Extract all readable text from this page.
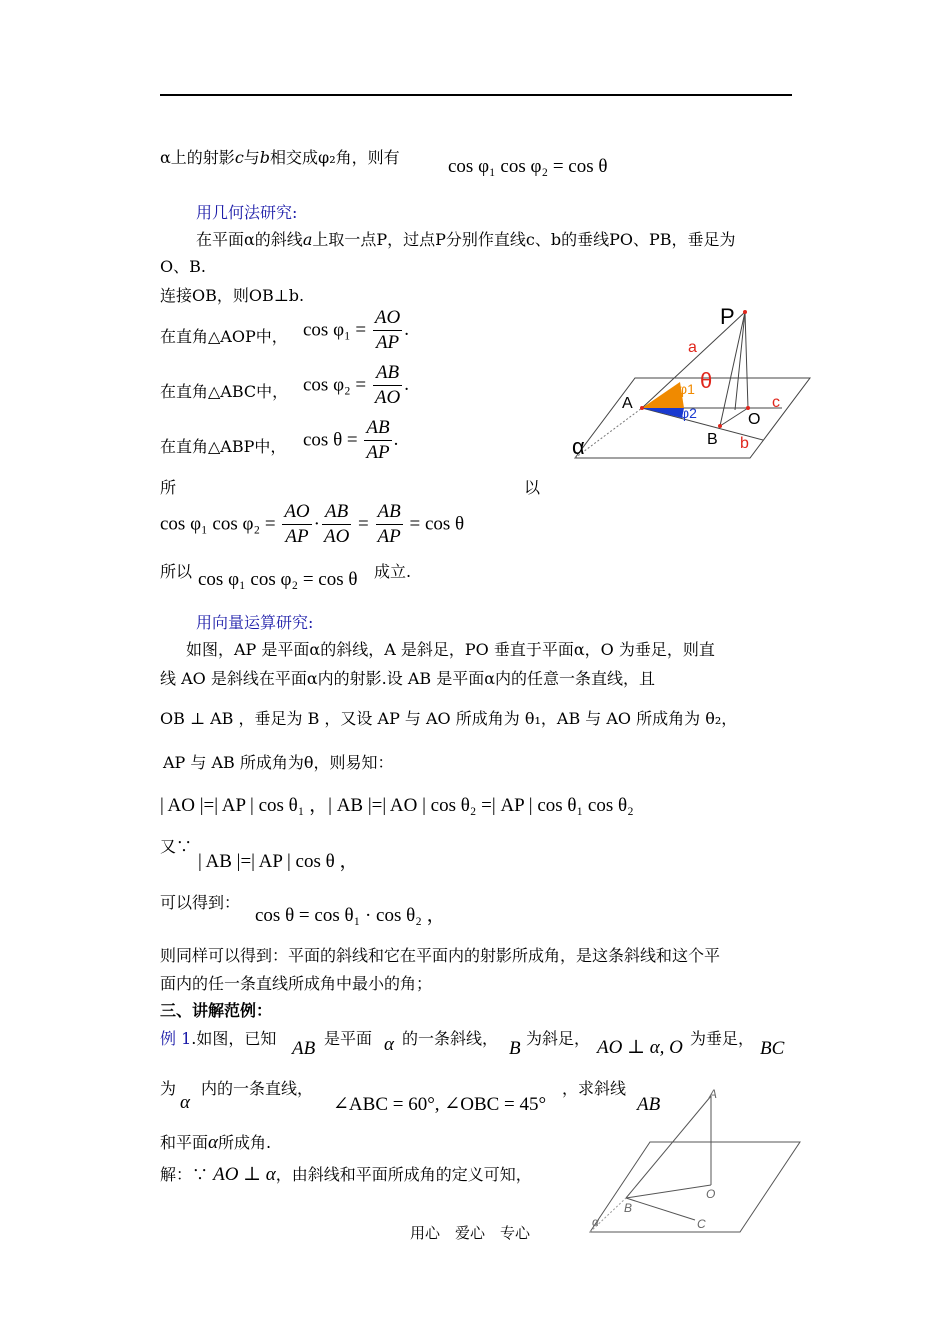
α上的射影c与b相交成φ₂角，则有	cos φ₁ cos φ₂ = cos θ
用几何法研究:
在平面α的斜线a上取一点P，过点P分别作直线c、b的垂线PO、PB，垂足为
O、B.
连接OB，则OB⊥b.
在直角△AOP中， $\cos \varphi_1 = \frac{AO}{AP}$ .
在直角△ABC中， $\cos \varphi_2 = \frac{AB}{AO}$ .
在直角△ABP中， $\cos \theta = \frac{AB}{AP}$ .
所	以
cos φ₁ $\cos \varphi_2 = \frac{AO}{AP} \cdot \frac{AB}{AO} = \frac{AB}{AP} = \cos \theta$
所以 cos φ₁ cos φ₂ = cos θ 成立.
用向量运算研究:
如图，AP 是平面α的斜线，A 是斜足，PO 垂直于平面α，O 为垂足，则直
线 AO 是斜线在平面α内的射影.设 AB 是平面α内的任意一条直线，且
OB ⊥ AB ，垂足为 B ，又设 AP 与 AO 所成角为 θ₁，AB 与 AO 所成角为 θ₂，
AP 与 AB 所成角为θ，则易知：
| AO |=| AP | cos θ₁ ，| AB |=| AO | cos θ₂ =| AP | cos θ₁ cos θ₂
又∵
| AB |=| AP | cos θ ，
可以得到：
cos θ = cos θ₁ · cos θ₂ ，
则同样可以得到：平面的斜线和它在平面内的射影所成角，是这条斜线和这个平
面内的任一条直线所成角中最小的角；
三、讲解范例：
例 1.如图，已知 AB 是平面 α 的一条斜线， B 为斜足， AO ⊥ α, O 为垂足， BC
为
α
内的一条直线，
∠ABC = 60°, ∠OBC = 45°
，求斜线
AB
和平面α所成角.
解：∵ AO ⊥ α，由斜线和平面所成角的定义可知，
用心　爱心　专心
P
a
θ
φ1
φ2
A
O
c
B b
α
A
O
B
C
α
